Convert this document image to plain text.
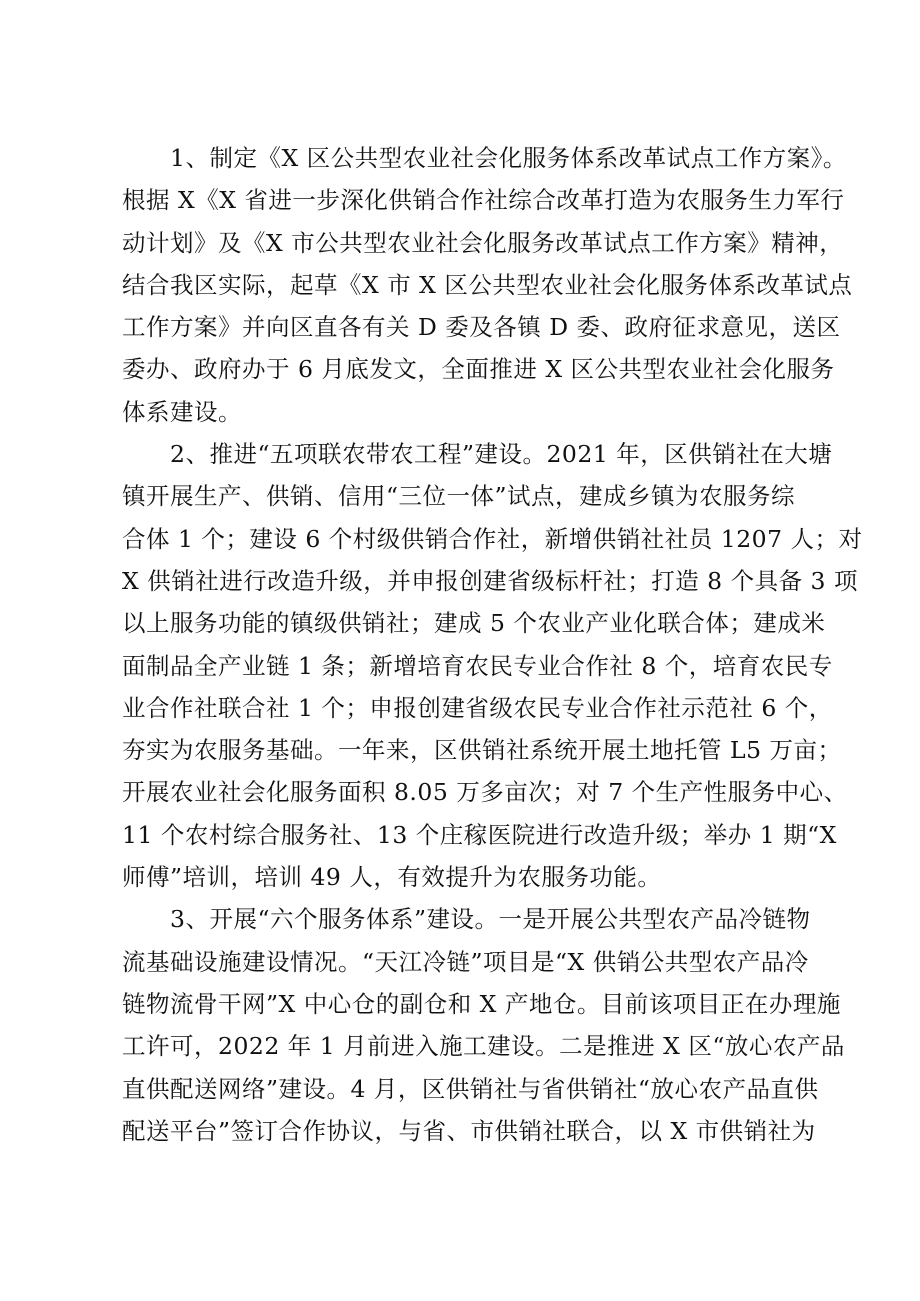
　　1、制定《X 区公共型农业社会化服务体系改革试点工作方案》。
根据 X《X 省进一步深化供销合作社综合改革打造为农服务生力军行
动计划》及《X 市公共型农业社会化服务改革试点工作方案》精神，
结合我区实际，起草《X 市 X 区公共型农业社会化服务体系改革试点
工作方案》并向区直各有关 D 委及各镇 D 委、政府征求意见，送区
委办、政府办于 6 月底发文，全面推进 X 区公共型农业社会化服务
体系建设。
　　2、推进“五项联农带农工程”建设。2021 年，区供销社在大塘
镇开展生产、供销、信用“三位一体”试点，建成乡镇为农服务综
合体 1 个；建设 6 个村级供销合作社，新增供销社社员 1207 人；对
X 供销社进行改造升级，并申报创建省级标杆社；打造 8 个具备 3 项
以上服务功能的镇级供销社；建成 5 个农业产业化联合体；建成米
面制品全产业链 1 条；新增培育农民专业合作社 8 个，培育农民专
业合作社联合社 1 个；申报创建省级农民专业合作社示范社 6 个，
夯实为农服务基础。一年来，区供销社系统开展土地托管 L5 万亩；
开展农业社会化服务面积 8.05 万多亩次；对 7 个生产性服务中心、
11 个农村综合服务社、13 个庄稼医院进行改造升级；举办 1 期“X
师傅”培训，培训 49 人，有效提升为农服务功能。
　　3、开展“六个服务体系”建设。一是开展公共型农产品冷链物
流基础设施建设情况。“天江冷链”项目是“X 供销公共型农产品冷
链物流骨干网”X 中心仓的副仓和 X 产地仓。目前该项目正在办理施
工许可，2022 年 1 月前进入施工建设。二是推进 X 区“放心农产品
直供配送网络”建设。4 月，区供销社与省供销社“放心农产品直供
配送平台”签订合作协议，与省、市供销社联合，以 X 市供销社为
